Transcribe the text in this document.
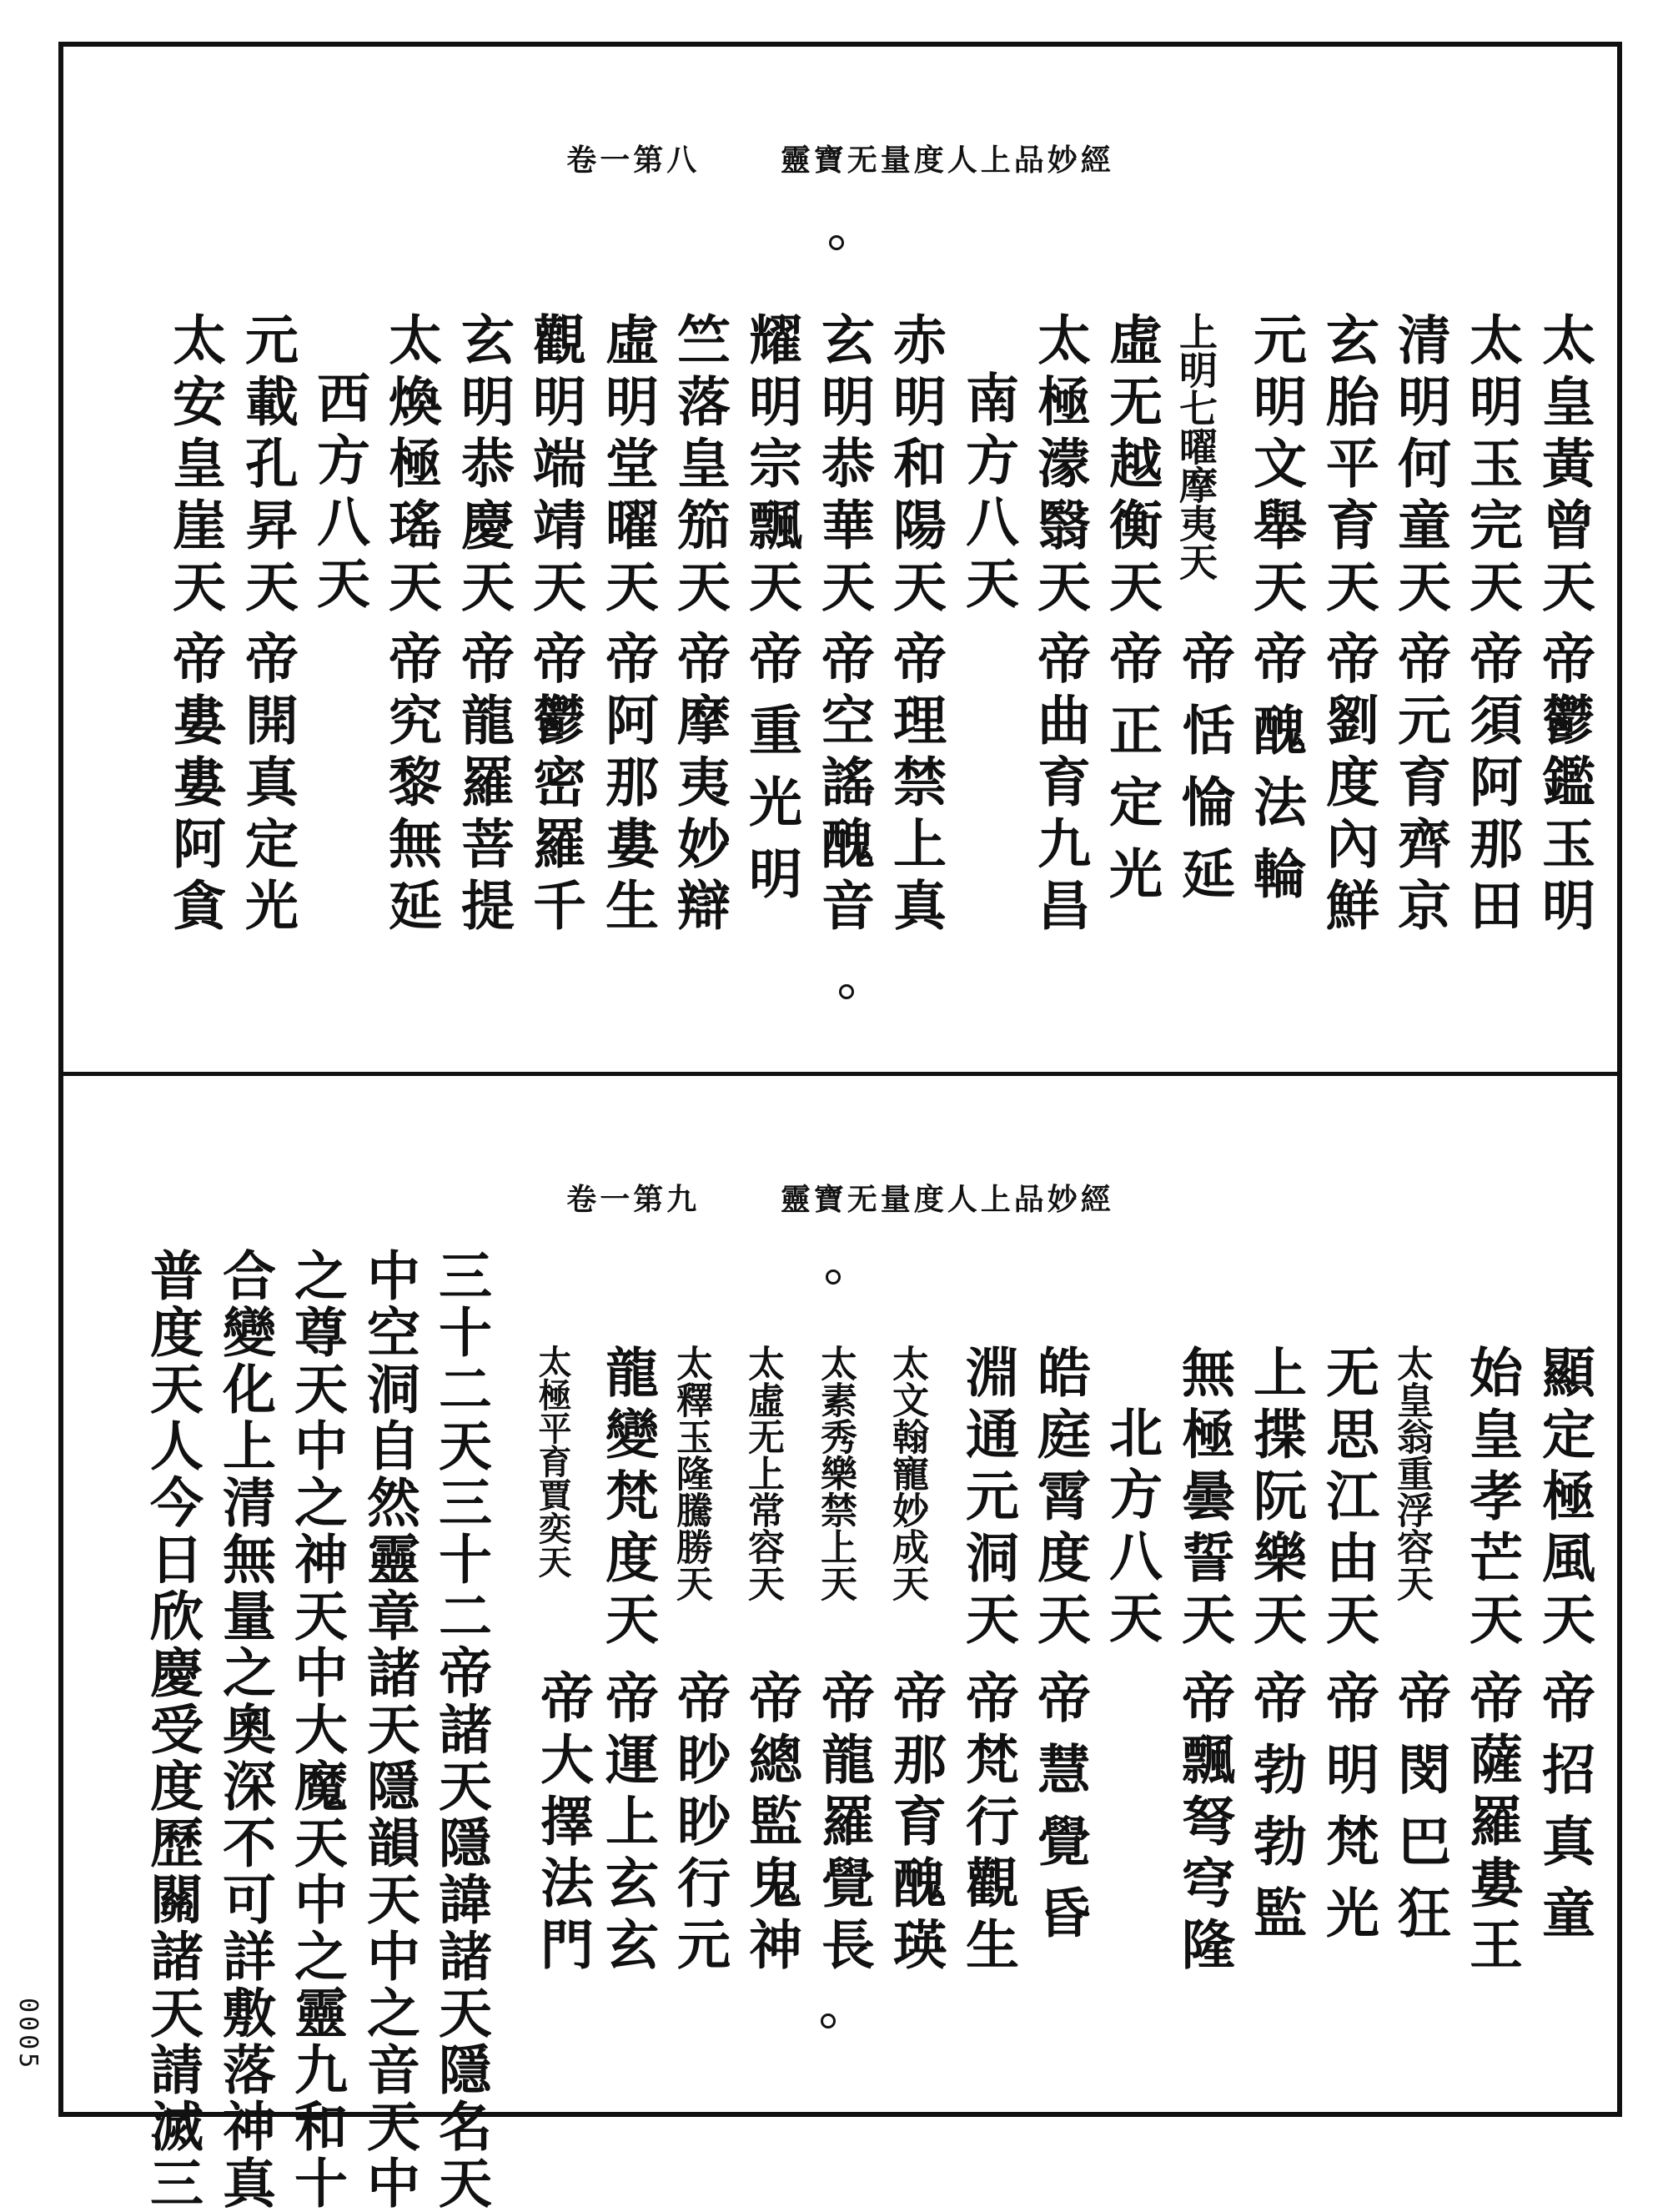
卷一第八	靈寶无量度人上品妙經
太皇黃曾天
太明玉完天
清明何童天
玄胎平育天
元明文舉天
上明七曜摩夷天
虛无越衡天
太極濛翳天
南方八天
赤明和陽天
玄明恭華天
耀明宗飄天
竺落皇笳天
虛明堂曜天
觀明端靖天
玄明恭慶天
太煥極瑤天
西方八天
元載孔昇天
太安皇崖天
帝鬱鑑玉明
帝須阿那田
帝元育齊京
帝劉度內鮮
帝醜法輪
帝恬惀延
帝正定光
帝曲育九昌
帝理禁上真
帝空謠醜音
帝重光明
帝摩夷妙辯
帝阿那婁生
帝鬱密羅千
帝龍羅菩提
帝究黎無延
帝開真定光
帝婁婁阿貪
卷一第九	靈寶无量度人上品妙經
顯定極風天
始皇孝芒天
太皇翁重浮容天
无思江由天
上揲阮樂天
無極曇誓天
北方八天
皓庭霄度天
淵通元洞天
太文翰寵妙成天
太素秀樂禁上天
太虛无上常容天
太釋玉隆騰勝天
龍變梵度天
太極平育賈奕天
帝招真童
帝薩羅婁王
帝閔巴狂
帝明梵光
帝勃勃監
帝飄弩穹隆
帝慧覺昏
帝梵行觀生
帝那育醜瑛
帝龍羅覺長
帝總監鬼神
帝眇眇行元
帝運上玄玄
帝大擇法門
三十二天三十二帝諸天隱諱諸天隱名天
中空洞自然靈章諸天隱韻天中之音天中
之尊天中之神天中大魔天中之靈九和十
合變化上清無量之奧深不可詳敷落神真
普度天人今日欣慶受度歷關諸天請滅三
0005
